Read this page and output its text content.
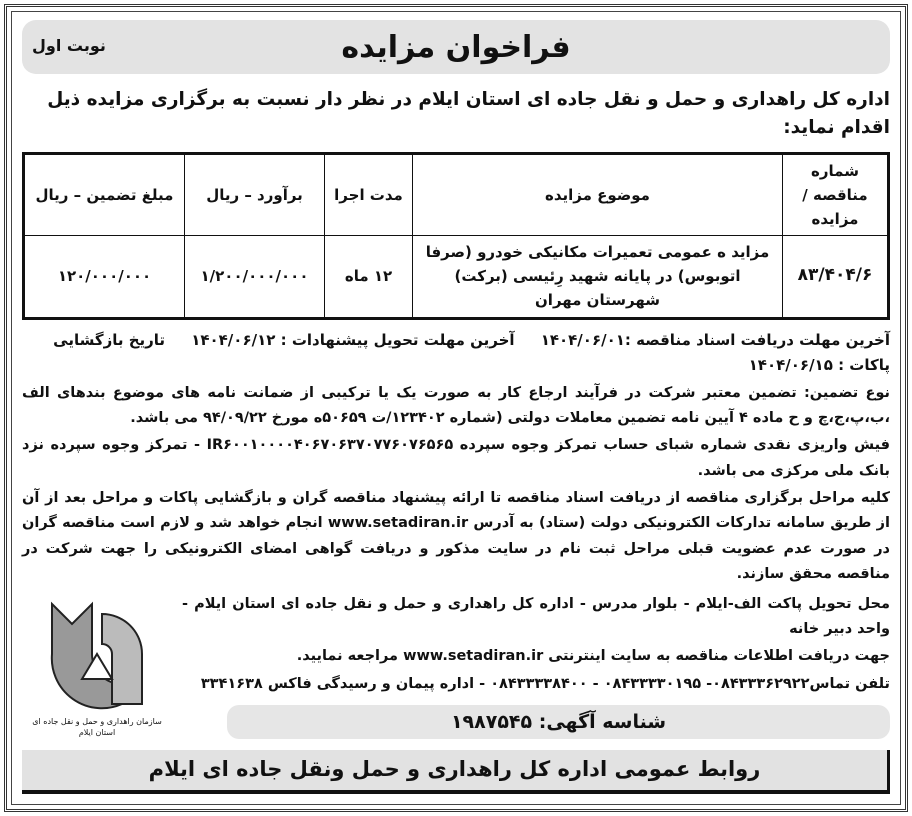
فراخوان مزایده
نوبت اول
اداره کل راهداری و حمل و نقل جاده ای استان ایلام در نظر دار نسبت به برگزاری مزایده ذیل اقدام نماید:
شماره مناقصه / مزایده	موضوع مزایده	مدت اجرا	برآورد – ریال	مبلغ تضمین – ریال
۸۳/۴۰۴/۶	مزاید ه عمومی تعمیرات مکانیکی خودرو (صرفا اتوبوس) در پایانه شهید رِئیسی (برکت) شهرستان مهران	۱۲ ماه	۱/۲۰۰/۰۰۰/۰۰۰	۱۲۰/۰۰۰/۰۰۰
آخرین مهلت دریافت اسناد مناقصه :۱۴۰۴/۰۶/۰۱     آخرین مهلت تحویل پیشنهادات : ۱۴۰۴/۰۶/۱۲     تاریخ بازگشایی پاکات : ۱۴۰۴/۰۶/۱۵
نوع تضمین: تضمین معتبر شرکت در فرآیند ارجاع کار به صورت یک یا ترکیبی از ضمانت نامه های موضوع بندهای الف ،ب،پ،ج،چ و ح ماده ۴ آیین نامه تضمین معاملات دولتی (شماره ۱۲۳۴۰۲/ت ۵۰۶۵۹ه مورخ ۹۴/۰۹/۲۲ می باشد.
فیش واریزی نقدی شماره شبای حساب تمرکز وجوه سپرده IR۶۰۰۱۰۰۰۰۴۰۶۷۰۶۳۷۰۷۷۶۰۷۶۵۶۵ - تمرکز وجوه سپرده نزد بانک ملی مرکزی می باشد.
کلیه مراحل برگزاری مناقصه از دریافت اسناد مناقصه تا ارائه پیشنهاد مناقصه گران و بازگشایی پاکات و مراحل بعد از آن از طریق سامانه تدارکات الکترونیکی دولت (ستاد) به آدرس www.setadiran.ir انجام خواهد شد و لازم است مناقصه گران در صورت عدم عضویت قبلی مراحل ثبت نام در سایت مذکور و دریافت گواهی امضای الکترونیکی را جهت شرکت در مناقصه محقق سازند.
سازمان راهداری و حمل و نقل جاده ای استان ایلام
محل تحویل پاکت الف-ایلام - بلوار مدرس - اداره کل راهداری و حمل و نقل جاده ای استان ایلام - واحد دبیر خانه
جهت دریافت اطلاعات مناقصه به سایت اینترنتی www.setadiran.ir مراجعه نمایید.
تلفن تماس۰۸۴۳۳۳۶۲۹۲۲- ۰۸۴۳۳۳۳۰۱۹۵ - ۰۸۴۳۳۳۳۸۴۰۰ - اداره پیمان و رسیدگی فاکس ۳۳۴۱۶۳۸
شناسه آگهی: ۱۹۸۷۵۴۵
روابط عمومی اداره کل راهداری و حمل ونقل جاده ای ایلام
